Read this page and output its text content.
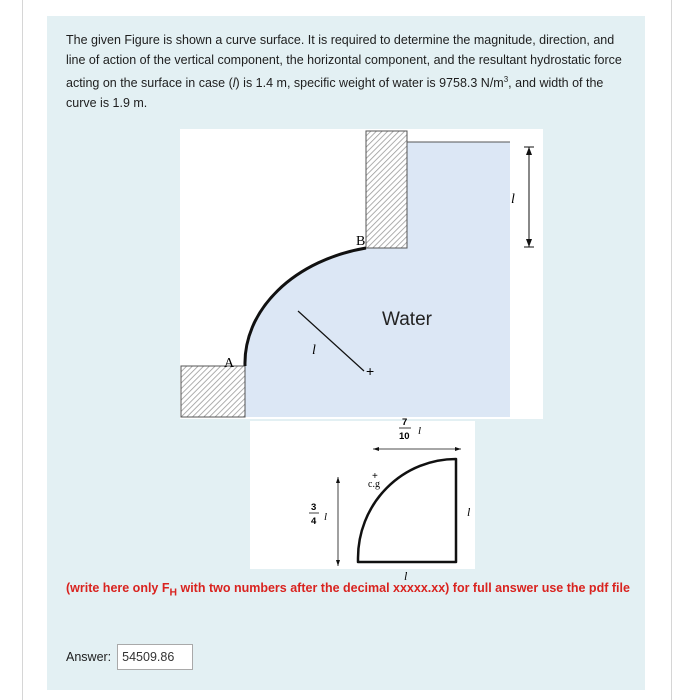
The given Figure is shown a curve surface. It is required to determine the magnitude, direction, and line of action of the vertical component, the horizontal component, and the resultant hydrostatic force acting on the surface in case (l) is 1.4 m, specific weight of water is 9758.3 $N/m^3$, and width of the curve is 1.9 m.
+
l
B
A
Water
l
7
10 l
c.g
+
3
4 l	l
l
(write here only $F_H$ with two numbers after the decimal xxxxx.xx) for full answer use the pdf file
Answer:
54509.86
